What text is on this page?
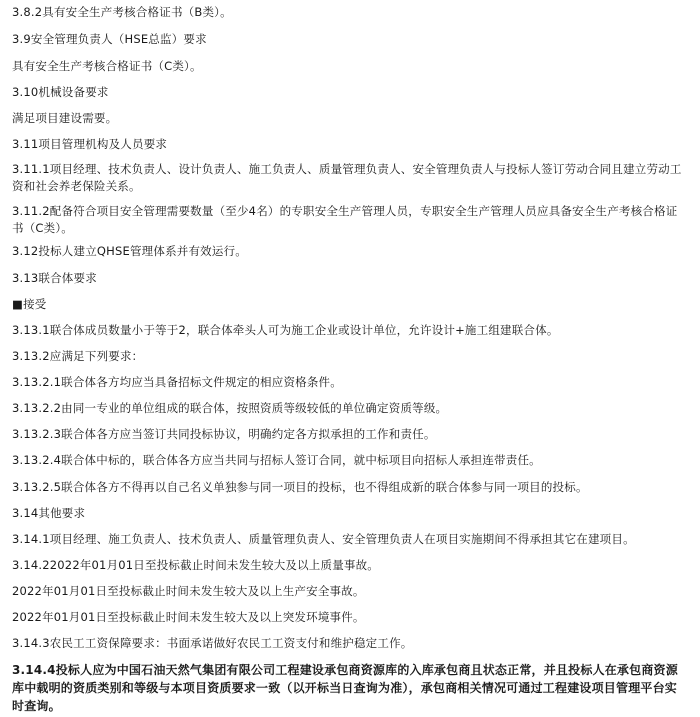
3.8.2具有安全生产考核合格证书（B类）。
3.9安全管理负责人（HSE总监）要求
具有安全生产考核合格证书（C类）。
3.10机械设备要求
满足项目建设需要。
3.11项目管理机构及人员要求
3.11.1项目经理、技术负责人、设计负责人、施工负责人、质量管理负责人、安全管理负责人与投标人签订劳动合同且建立劳动工资和社会养老保险关系。
3.11.2配备符合项目安全管理需要数量（至少4名）的专职安全生产管理人员，专职安全生产管理人员应具备安全生产考核合格证书（C类）。
3.12投标人建立QHSE管理体系并有效运行。
3.13联合体要求
■接受
3.13.1联合体成员数量小于等于2，联合体牵头人可为施工企业或设计单位，允许设计+施工组建联合体。
3.13.2应满足下列要求：
3.13.2.1联合体各方均应当具备招标文件规定的相应资格条件。
3.13.2.2由同一专业的单位组成的联合体，按照资质等级较低的单位确定资质等级。
3.13.2.3联合体各方应当签订共同投标协议，明确约定各方拟承担的工作和责任。
3.13.2.4联合体中标的，联合体各方应当共同与招标人签订合同，就中标项目向招标人承担连带责任。
3.13.2.5联合体各方不得再以自己名义单独参与同一项目的投标，也不得组成新的联合体参与同一项目的投标。
3.14其他要求
3.14.1项目经理、施工负责人、技术负责人、质量管理负责人、安全管理负责人在项目实施期间不得承担其它在建项目。
3.14.22022年01月01日至投标截止时间未发生较大及以上质量事故。
2022年01月01日至投标截止时间未发生较大及以上生产安全事故。
2022年01月01日至投标截止时间未发生较大及以上突发环境事件。
3.14.3农民工工资保障要求：书面承诺做好农民工工资支付和维护稳定工作。
3.14.4投标人应为中国石油天然气集团有限公司工程建设承包商资源库的入库承包商且状态正常，并且投标人在承包商资源库中载明的资质类别和等级与本项目资质要求一致（以开标当日查询为准），承包商相关情况可通过工程建设项目管理平台实时查询。
